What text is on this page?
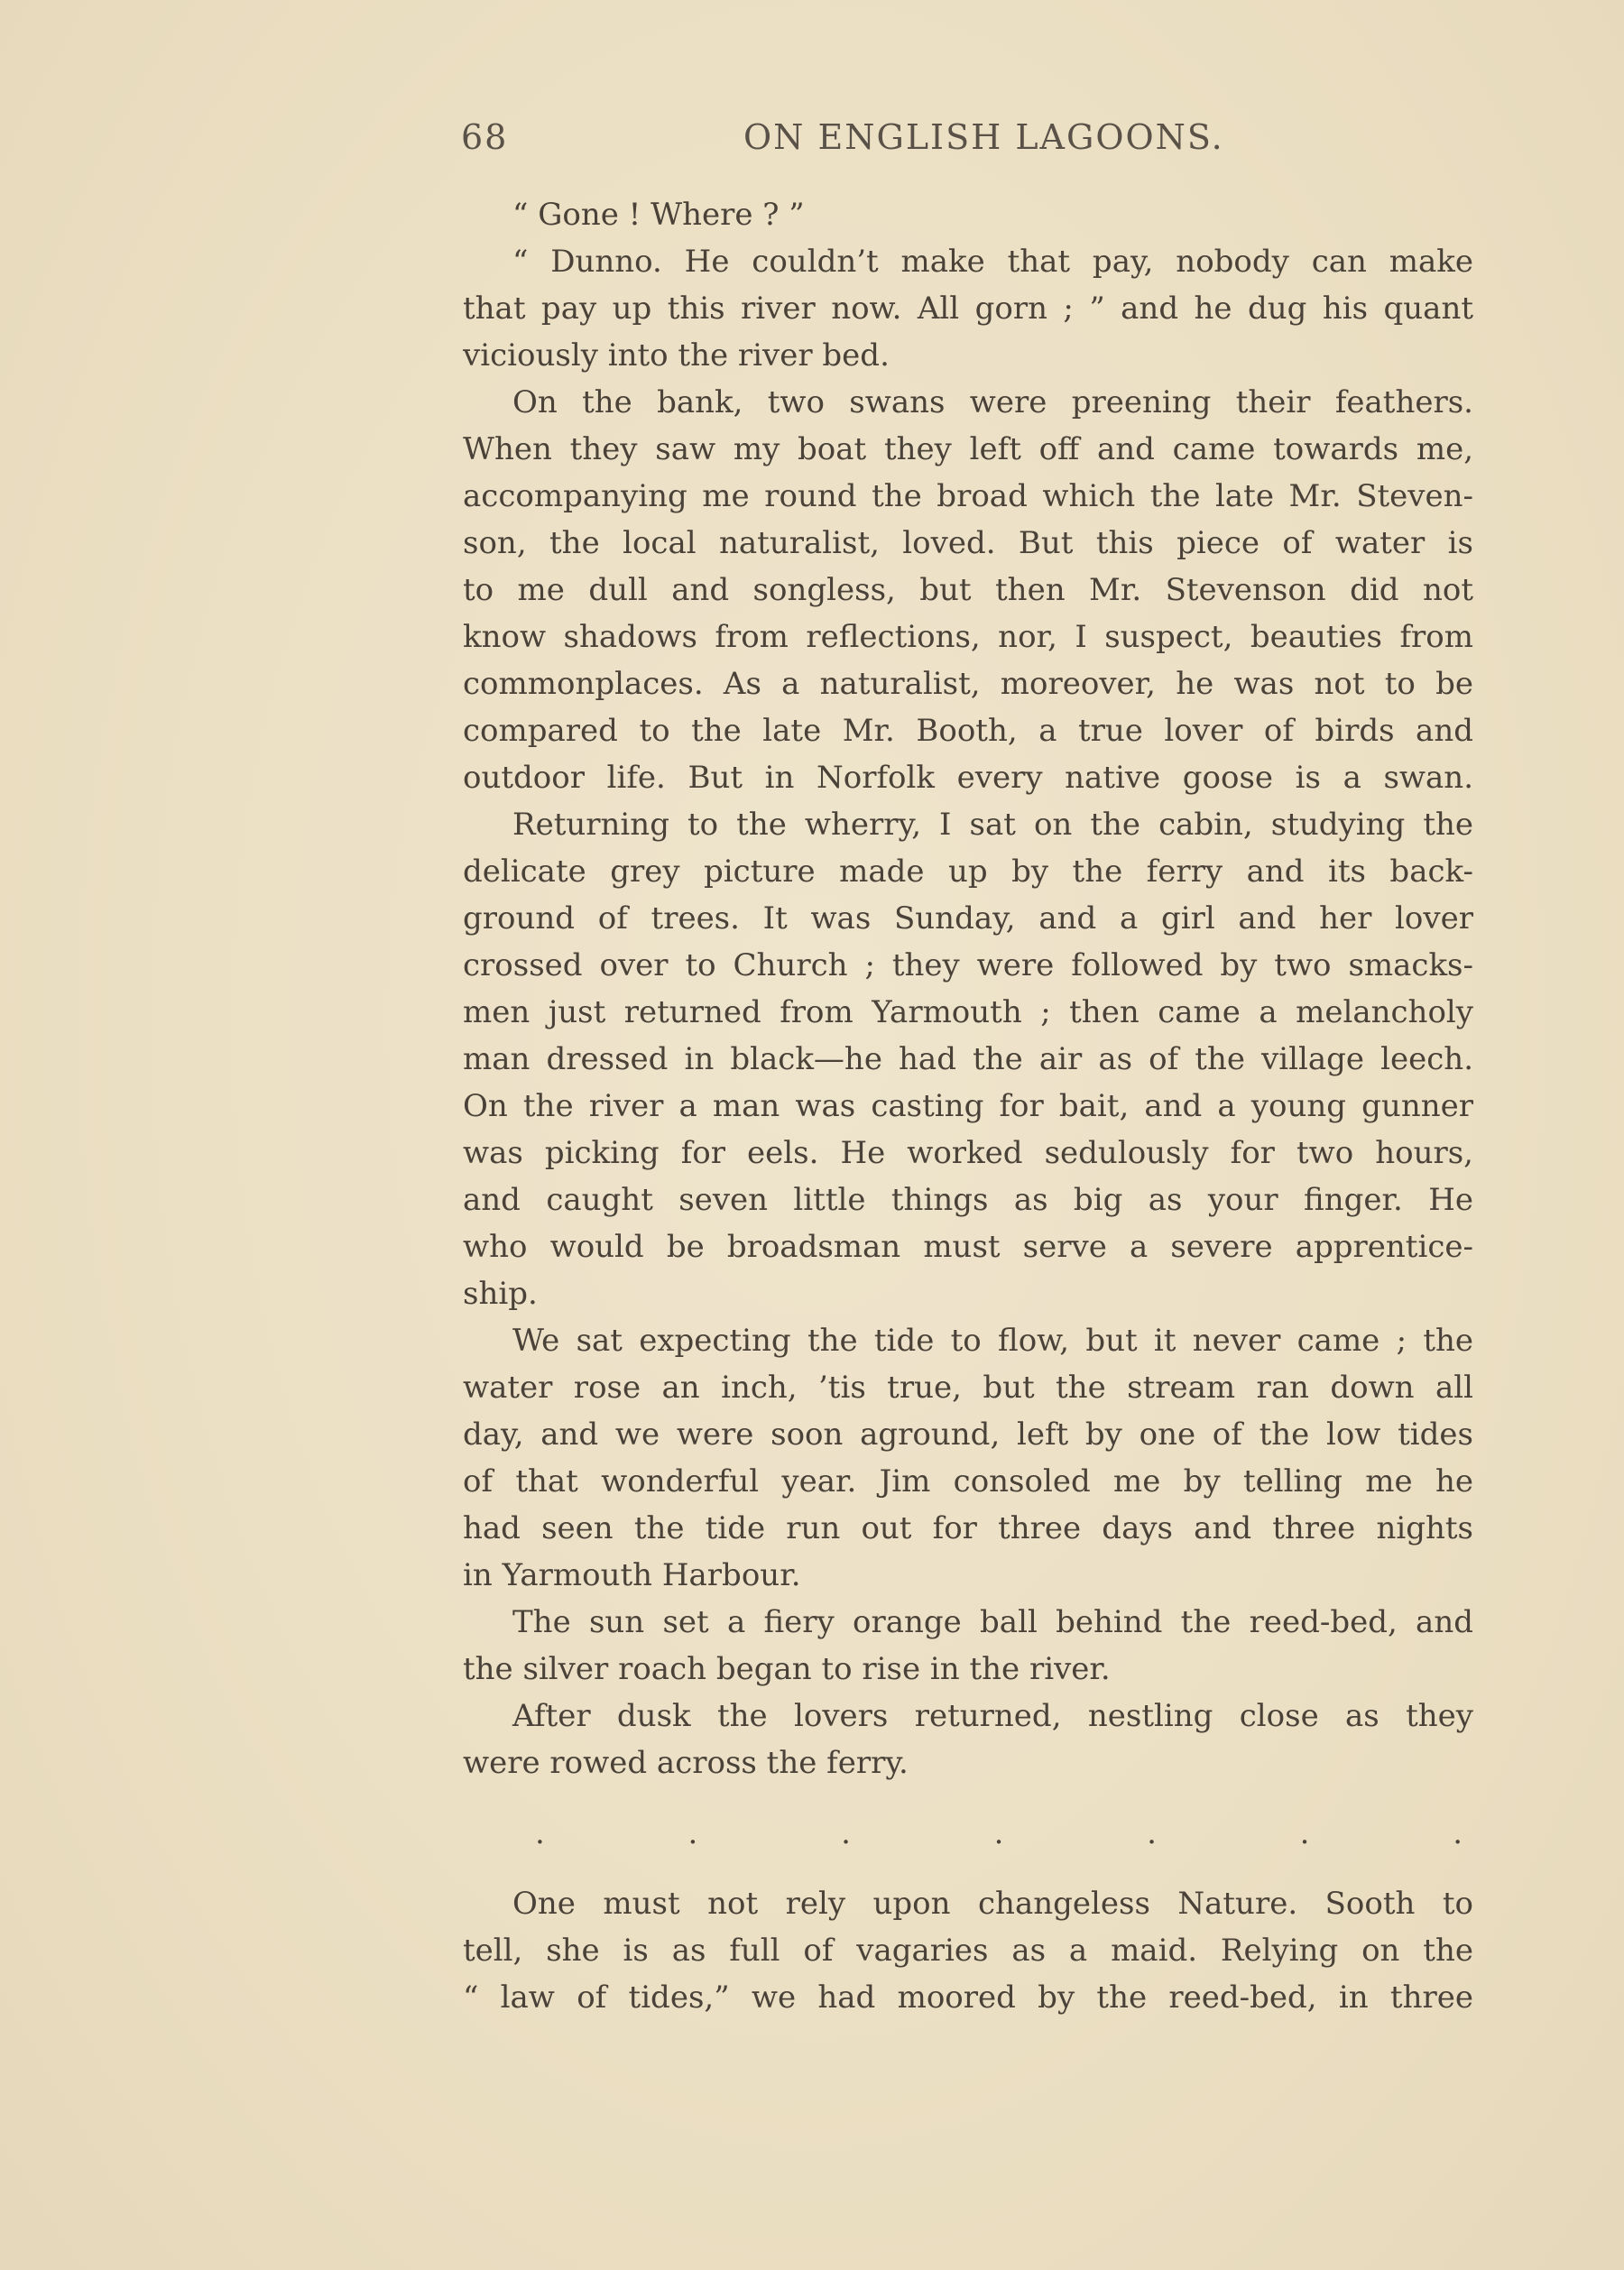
68	ON ENGLISH LAGOONS.
“ Gone ! Where ? ”
“ Dunno. He couldn’t make that pay, nobody can make
that pay up this river now. All gorn ; ” and he dug his quant
viciously into the river bed.
On the bank, two swans were preening their feathers.
When they saw my boat they left off and came towards me,
accompanying me round the broad which the late Mr. Steven-
son, the local naturalist, loved. But this piece of water is
to me dull and songless, but then Mr. Stevenson did not
know shadows from reflections, nor, I suspect, beauties from
commonplaces. As a naturalist, moreover, he was not to be
compared to the late Mr. Booth, a true lover of birds and
outdoor life. But in Norfolk every native goose is a swan.
Returning to the wherry, I sat on the cabin, studying the
delicate grey picture made up by the ferry and its back-
ground of trees. It was Sunday, and a girl and her lover
crossed over to Church ; they were followed by two smacks-
men just returned from Yarmouth ; then came a melancholy
man dressed in black—he had the air as of the village leech.
On the river a man was casting for bait, and a young gunner
was picking for eels. He worked sedulously for two hours,
and caught seven little things as big as your finger. He
who would be broadsman must serve a severe apprentice-
ship.
We sat expecting the tide to flow, but it never came ; the
water rose an inch, ’tis true, but the stream ran down all
day, and we were soon aground, left by one of the low tides
of that wonderful year. Jim consoled me by telling me he
had seen the tide run out for three days and three nights
in Yarmouth Harbour.
The sun set a fiery orange ball behind the reed-bed, and
the silver roach began to rise in the river.
After dusk the lovers returned, nestling close as they
were rowed across the ferry.
.	.	.	.	.	.	.
One must not rely upon changeless Nature. Sooth to
tell, she is as full of vagaries as a maid. Relying on the
“ law of tides,” we had moored by the reed-bed, in three
